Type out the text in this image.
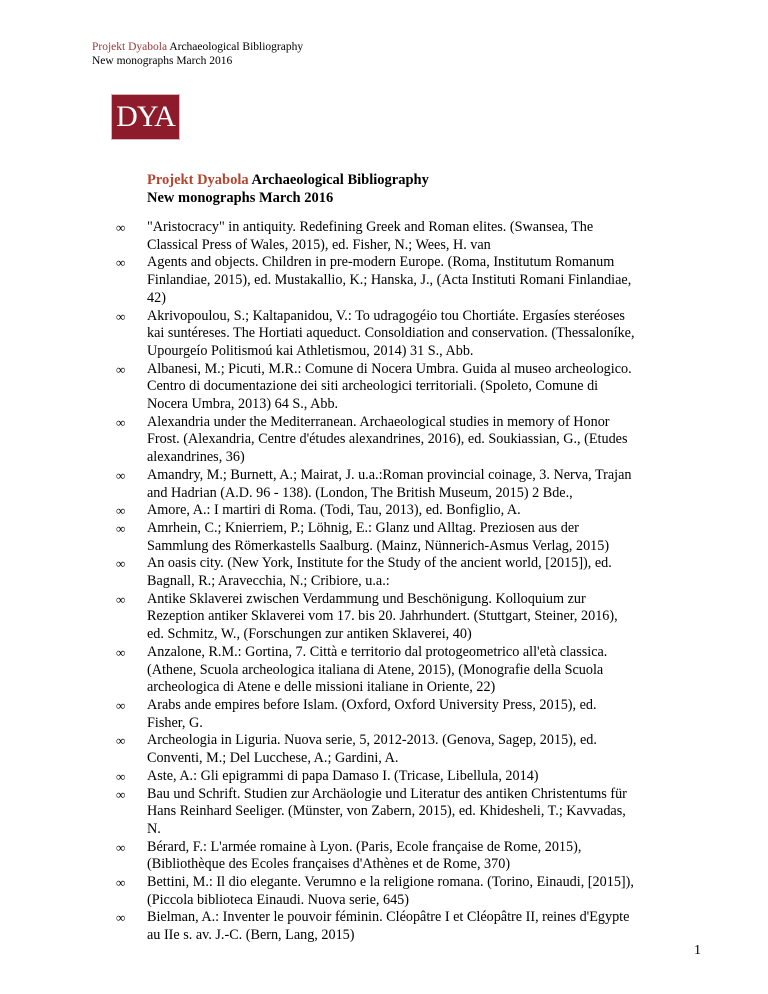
Projekt Dyabola Archaeological Bibliography
New monographs March 2016
DYA
Projekt Dyabola Archaeological Bibliography
New monographs March 2016
∞ "Aristocracy" in antiquity. Redefining Greek and Roman elites. (Swansea, The Classical Press of Wales, 2015), ed. Fisher, N.; Wees, H. van
∞ Agents and objects. Children in pre-modern Europe. (Roma, Institutum Romanum Finlandiae, 2015), ed. Mustakallio, K.; Hanska, J., (Acta Instituti Romani Finlandiae, 42)
∞ Akrivopoulou, S.; Kaltapanidou, V.: To udragogéio tou Chortiáte. Ergasíes steréoses kai suntéreses. The Hortiati aqueduct. Consoldiation and conservation. (Thessaloníke, Upourgeío Politismoú kai Athletismou, 2014) 31 S., Abb.
∞ Albanesi, M.; Picuti, M.R.: Comune di Nocera Umbra. Guida al museo archeologico. Centro di documentazione dei siti archeologici territoriali. (Spoleto, Comune di Nocera Umbra, 2013) 64 S., Abb.
∞ Alexandria under the Mediterranean. Archaeological studies in memory of Honor Frost. (Alexandria, Centre d'études alexandrines, 2016), ed. Soukiassian, G., (Etudes alexandrines, 36)
∞ Amandry, M.; Burnett, A.; Mairat, J. u.a.:Roman provincial coinage, 3. Nerva, Trajan and Hadrian (A.D. 96 - 138). (London, The British Museum, 2015) 2 Bde.,
∞ Amore, A.: I martiri di Roma. (Todi, Tau, 2013), ed. Bonfiglio, A.
∞ Amrhein, C.; Knierriem, P.; Löhnig, E.: Glanz und Alltag. Preziosen aus der Sammlung des Römerkastells Saalburg. (Mainz, Nünnerich-Asmus Verlag, 2015)
∞ An oasis city. (New York, Institute for the Study of the ancient world, [2015]), ed. Bagnall, R.; Aravecchia, N.; Cribiore, u.a.:
∞ Antike Sklaverei zwischen Verdammung und Beschönigung. Kolloquium zur Rezeption antiker Sklaverei vom 17. bis 20. Jahrhundert. (Stuttgart, Steiner, 2016), ed. Schmitz, W., (Forschungen zur antiken Sklaverei, 40)
∞ Anzalone, R.M.: Gortina, 7. Città e territorio dal protogeometrico all'età classica. (Athene, Scuola archeologica italiana di Atene, 2015), (Monografie della Scuola archeologica di Atene e delle missioni italiane in Oriente, 22)
∞ Arabs ande empires before Islam. (Oxford, Oxford University Press, 2015), ed. Fisher, G.
∞ Archeologia in Liguria. Nuova serie, 5, 2012-2013. (Genova, Sagep, 2015), ed. Conventi, M.; Del Lucchese, A.; Gardini, A.
∞ Aste, A.: Gli epigrammi di papa Damaso I. (Tricase, Libellula, 2014)
∞ Bau und Schrift. Studien zur Archäologie und Literatur des antiken Christentums für Hans Reinhard Seeliger. (Münster, von Zabern, 2015), ed. Khidesheli, T.; Kavvadas, N.
∞ Bérard, F.: L'armée romaine à Lyon. (Paris, Ecole française de Rome, 2015), (Bibliothèque des Ecoles françaises d'Athènes et de Rome, 370)
∞ Bettini, M.: Il dio elegante. Verumno e la religione romana. (Torino, Einaudi, [2015]), (Piccola biblioteca Einaudi. Nuova serie, 645)
∞ Bielman, A.: Inventer le pouvoir féminin. Cléopâtre I et Cléopâtre II, reines d'Egypte au IIe s. av. J.-C. (Bern, Lang, 2015)
1
